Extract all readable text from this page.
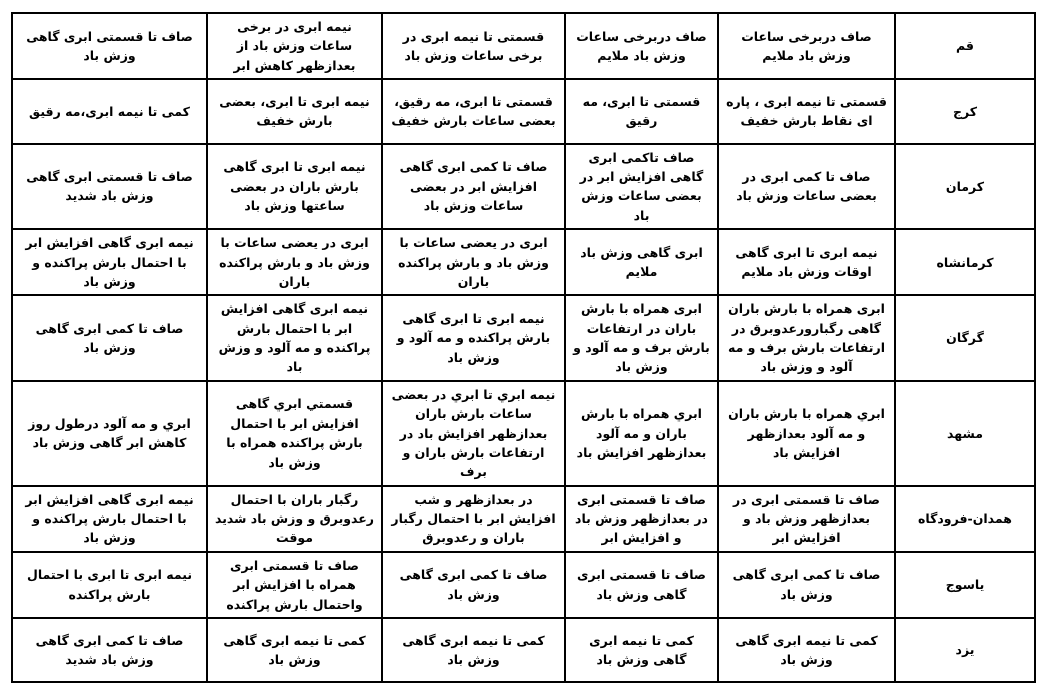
قم	صاف دربرخی ساعات وزش باد ملایم	صاف دربرخی ساعات وزش باد ملایم	قسمتی تا نیمه ابری در برخی ساعات وزش باد	نیمه ابری در برخی ساعات وزش باد از بعدازظهر کاهش ابر	صاف تا قسمتی ابری گاهی وزش باد
کرج	قسمتی تا نیمه ابری ، پاره ای نقاط بارش خفیف	قسمتی تا ابری، مه رقیق	قسمتی تا ابری، مه رقیق، بعضی ساعات بارش خفیف	نیمه ابری تا ابری، بعضی بارش خفیف	کمی تا نیمه ابری،مه رقیق
کرمان	صاف تا کمی ابری در بعضی ساعات وزش باد	صاف تاکمی ابری گاهی افزایش ابر در بعضی ساعات وزش باد	صاف تا کمی ابری گاهی افزایش ابر در بعضی ساعات وزش باد	نیمه ابری تا ابری گاهی بارش باران در بعضی ساعتها وزش باد	صاف تا قسمتی ابری گاهی وزش باد شدید
کرمانشاه	نیمه ابری تا ابری گاهی اوقات وزش باد ملایم	ابری گاهی وزش باد ملایم	ابری در یعضی ساعات با وزش باد و بارش پراکنده باران	ابری در یعضی ساعات با وزش باد و بارش پراکنده باران	نیمه ابری گاهی افزایش ابر با احتمال بارش پراکنده و وزش باد
گرگان	ابری همراه با بارش باران گاهی رگبارورعدوبرق در ارتفاعات بارش برف و مه آلود و وزش باد	ابری همراه با بارش باران در ارتفاعات بارش برف و مه آلود و وزش باد	نیمه ابری تا ابری گاهی بارش پراکنده و مه آلود و وزش باد	نیمه ابری گاهی افزایش ابر با احتمال بارش پراکنده و مه آلود و وزش باد	صاف تا کمی ابری گاهی وزش باد
مشهد	ابري همراه با بارش باران و مه آلود بعدازظهر افزایش باد	ابري همراه با بارش باران و مه آلود بعدازظهر افزایش باد	نیمه ابري تا ابري در بعضی ساعات بارش باران بعدازظهر افزایش باد در ارتفاعات بارش باران و برف	قسمتي ابري گاهی افزایش ابر با احتمال بارش پراکنده همراه با وزش باد	ابري و مه آلود درطول روز کاهش ابر گاهی وزش باد
همدان-فرودگاه	صاف تا قسمتی ابری در بعدازظهر وزش باد و افزایش ابر	صاف تا قسمتی ابری در بعدازظهر وزش باد و افزایش ابر	در بعدازظهر و شب افزایش ابر با احتمال رگبار باران و رعدوبرق	رگبار باران با احتمال رعدوبرق و وزش باد شدید موقت	نیمه ابری گاهی افزایش ابر با احتمال بارش پراکنده و وزش باد
یاسوج	صاف تا کمی ابری گاهی وزش باد	صاف تا قسمتی ابری گاهی وزش باد	صاف تا کمی ابری گاهی وزش باد	صاف تا قسمتی ابری همراه با افزایش ابر واحتمال بارش پراکنده	نیمه ابری تا ابری با احتمال بارش پراکنده
یزد	کمی تا نیمه ابری گاهی وزش باد	کمی تا نیمه ابری گاهی وزش باد	کمی تا نیمه ابری گاهی وزش باد	کمی تا نیمه ابری گاهی وزش باد	صاف تا کمی ابری گاهی وزش باد شدید
